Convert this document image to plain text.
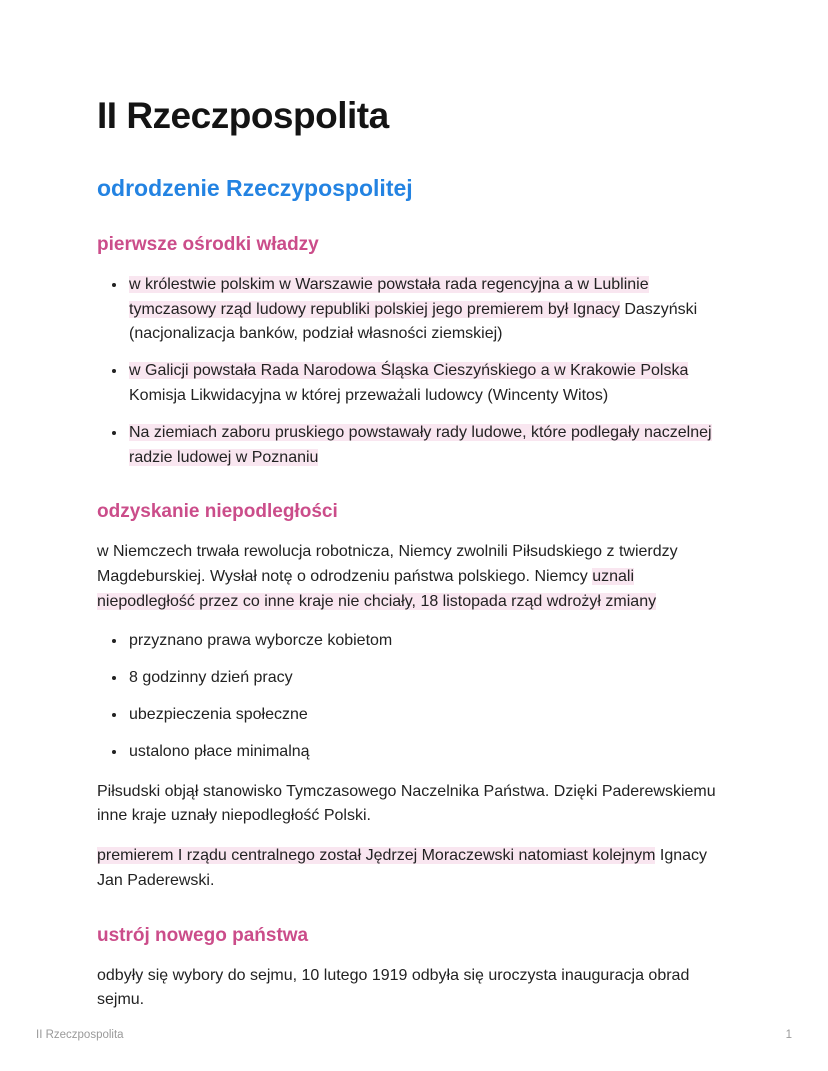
II Rzeczpospolita
odrodzenie Rzeczypospolitej
pierwsze ośrodki władzy
• w królestwie polskim w Warszawie powstała rada regencyjna a w Lublinie tymczasowy rząd ludowy republiki polskiej jego premierem był Ignacy Daszyński (nacjonalizacja banków, podział własności ziemskiej)
• w Galicji powstała Rada Narodowa Śląska Cieszyńskiego a w Krakowie Polska Komisja Likwidacyjna w której przeważali ludowcy (Wincenty Witos)
• Na ziemiach zaboru pruskiego powstawały rady ludowe, które podlegały naczelnej radzie ludowej w Poznaniu
odzyskanie niepodległości

w Niemczech trwała rewolucja robotnicza, Niemcy zwolnili Piłsudskiego z twierdzy Magdeburskiej. Wysłał notę o odrodzeniu państwa polskiego. Niemcy uznali niepodległość przez co inne kraje nie chciały, 18 listopada rząd wdrożył zmiany

• przyznano prawa wyborcze kobietom
• 8 godzinny dzień pracy
• ubezpieczenia społeczne
• ustalono płace minimalną

Piłsudski objął stanowisko Tymczasowego Naczelnika Państwa. Dzięki Paderewskiemu inne kraje uznały niepodległość Polski.

premierem I rządu centralnego został Jędrzej Moraczewski natomiast kolejnym Ignacy Jan Paderewski.

ustrój nowego państwa

odbyły się wybory do sejmu, 10 lutego 1919 odbyła się uroczysta inauguracja obrad sejmu.

II Rzeczpospolita	1
